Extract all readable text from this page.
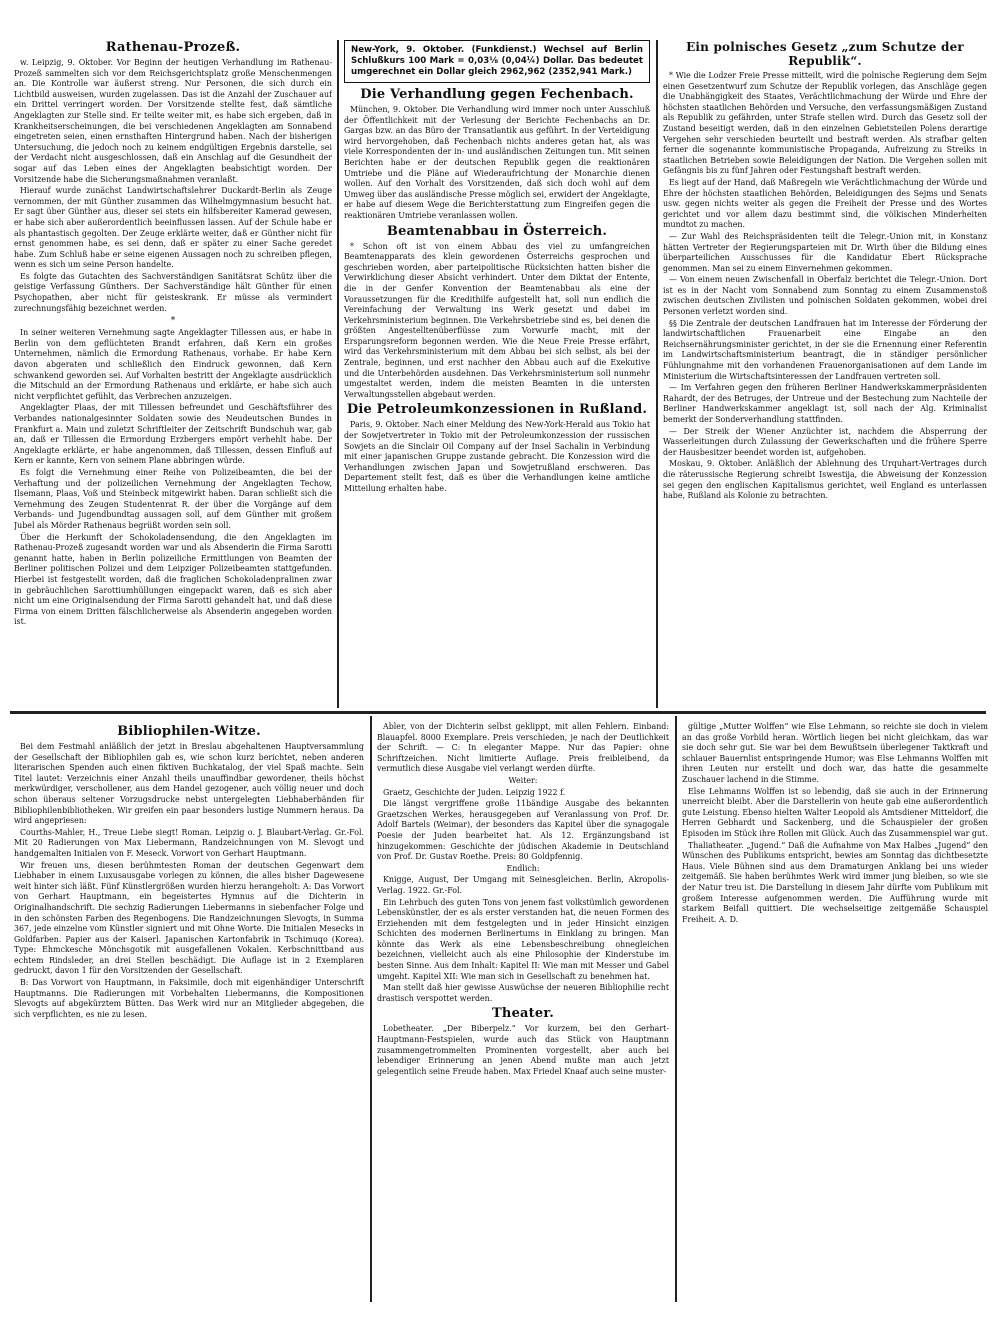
Rathenau-Prozeß.

w. Leipzig, 9. Oktober. Vor Beginn der heutigen Verhandlung im Rathenau-Prozeß sammelten sich vor dem Reichsgerichtsplatz große Menschenmengen an. Die Kontrolle war äußerst streng. Nur Personen, die sich durch ein Lichtbild ausweisen, wurden zugelassen. Das ist die Anzahl der Zuschauer auf ein Drittel verringert worden. Der Vorsitzende stellte fest, daß sämtliche Angeklagten zur Stelle sind. Er teilte weiter mit, es habe sich ergeben, daß in Krankheitserscheinungen, die bei verschiedenen Angeklagten am Sonnabend eingetreten seien, einen ernsthaften Hintergrund haben. Nach der bisherigen Untersuchung, die jedoch noch zu keinem endgültigen Ergebnis darstelle, sei der Verdacht nicht ausgeschlossen, daß ein Anschlag auf die Gesundheit der sogar auf das Leben eines der Angeklagten beabsichtigt worden. Der Vorsitzende habe die Sicherungsmaßnahmen veranlaßt.

Hierauf wurde zunächst Landwirtschaftslehrer Duckardt-Berlin als Zeuge vernommen, der mit Günther zusammen das Wilhelmgymnasium besucht hat. Er sagt über Günther aus, dieser sei stets ein hilfsbereiter Kamerad gewesen, er habe sich aber außerordentlich beeinflussen lassen. Auf der Schule habe er als phantastisch gegolten. Der Zeuge erklärte weiter, daß er Günther nicht für ernst genommen habe, es sei denn, daß er später zu einer Sache geredet habe. Zum Schluß habe er seine eigenen Aussagen noch zu schreiben pflegen, wenn es sich um seine Person handelte.

Es folgte das Gutachten des Sachverständigen Sanitätsrat Schütz über die geistige Verfassung Günthers. Der Sachverständige hält Günther für einen Psychopathen, aber nicht für geisteskrank. Er müsse als vermindert zurechnungsfähig bezeichnet werden.

*

In seiner weiteren Vernehmung sagte Angeklagter Tillessen aus, er habe in Berlin von dem geflüchteten Brandt erfahren, daß Kern ein großes Unternehmen, nämlich die Ermordung Rathenaus, vorhabe. Er habe Kern davon abgeraten und schließlich den Eindruck gewonnen, daß Kern schwankend geworden sei. Auf Vorhalten bestritt der Angeklagte ausdrücklich die Mitschuld an der Ermordung Rathenaus und erklärte, er habe sich auch nicht verpflichtet gefühlt, das Verbrechen anzuzeigen.

Angeklagter Plaas, der mit Tillessen befreundet und Geschäftsführer des Verbandes nationalgesinnter Soldaten sowie des Neudeutschen Bundes in Frankfurt a. Main und zuletzt Schriftleiter der Zeitschrift Bundschuh war, gab an, daß er Tillessen die Ermordung Erzbergers empört verhehlt habe. Der Angeklagte erklärte, er habe angenommen, daß Tillessen, dessen Einfluß auf Kern er kannte, Kern von seinem Plane abbringen würde.

Es folgt die Vernehmung einer Reihe von Polizeibeamten, die bei der Verhaftung und der polizeilichen Vernehmung der Angeklagten Techow, Ilsemann, Plaas, Voß und Steinbeck mitgewirkt haben. Daran schließt sich die Vernehmung des Zeugen Studentenrat R. der über die Vorgänge auf dem Verbands- und Jugendbundtag aussagen soll, auf dem Günther mit großem Jubel als Mörder Rathenaus begrüßt worden sein soll.

Über die Herkunft der Schokoladensendung, die den Angeklagten im Rathenau-Prozeß zugesandt worden war und als Absenderin die Firma Sarotti genannt hatte, haben in Berlin polizeiliche Ermittlungen von Beamten der Berliner politischen Polizei und dem Leipziger Polizeibeamten stattgefunden. Hierbei ist festgestellt worden, daß die fraglichen Schokoladenpralinen zwar in gebräuchlichen Sarottiumhüllungen eingepackt waren, daß es sich aber nicht um eine Originalsendung der Firma Sarotti gehandelt hat, und daß diese Firma von einem Dritten fälschlicherweise als Absenderin angegeben worden ist.

New-York, 9. Oktober. (Funkdienst.) Wechsel auf Berlin Schlußkurs 100 Mark = 0,03⅛ (0,04¼) Dollar. Das bedeutet umgerechnet ein Dollar gleich 2962,962 (2352,941 Mark.)
Die Verhandlung gegen Fechenbach.

München, 9. Oktober. Die Verhandlung wird immer noch unter Ausschluß der Öffentlichkeit mit der Verlesung der Berichte Fechenbachs an Dr. Gargas bzw. an das Büro der Transatlantik aus geführt. In der Verteidigung wird hervorgehoben, daß Fechenbach nichts anderes getan hat, als was viele Korrespondenten der in- und ausländischen Zeitungen tun. Mit seinen Berichten habe er der deutschen Republik gegen die reaktionären Umtriebe und die Pläne auf Wiederaufrichtung der Monarchie dienen wollen. Auf den Vorhalt des Vorsitzenden, daß sich doch wohl auf dem Umweg über das ausländische Presse möglich sei, erwidert der Angeklagte, er habe auf diesem Wege die Berichterstattung zum Eingreifen gegen die reaktionären Umtriebe veranlassen wollen.

Beamtenabbau in Österreich.

* Schon oft ist von einem Abbau des viel zu umfangreichen Beamtenapparats des klein gewordenen Österreichs gesprochen und geschrieben worden, aber parteipolitische Rücksichten hatten bisher die Verwirklichung dieser Absicht verhindert. Unter dem Diktat der Entente, die in der Genfer Konvention der Beamtenabbau als eine der Voraussetzungen für die Kredithilfe aufgestellt hat, soll nun endlich die Vereinfachung der Verwaltung ins Werk gesetzt und dabei im Verkehrsministerium beginnen. Die Verkehrsbetriebe sind es, bei denen die größten Angestelltenüberflüsse zum Vorwurfe macht, mit der Ersparungsreform begonnen werden. Wie die Neue Freie Presse erfährt, wird das Verkehrsministerium mit dem Abbau bei sich selbst, als bei der Zentrale, beginnen, und erst nachher den Abbau auch auf die Exekutive und die Unterbehörden ausdehnen. Das Verkehrsministerium soll nunmehr umgestaltet werden, indem die meisten Beamten in die untersten Verwaltungsstellen abgebaut werden.

Die Petroleumkonzessionen in Rußland.

Paris, 9. Oktober. Nach einer Meldung des New-York-Herald aus Tokio hat der Sowjetvertreter in Tokio mit der Petroleumkonzession der russischen Sowjets an die Sinclair Oil Company auf der Insel Sachalin in Verbindung mit einer japanischen Gruppe zustande gebracht. Die Konzession wird die Verhandlungen zwischen Japan und Sowjetrußland erschweren. Das Departement stellt fest, daß es über die Verhandlungen keine amtliche Mitteilung erhalten habe.

Ein polnisches Gesetz „zum Schutze der Republik“.

* Wie die Lodzer Freie Presse mitteilt, wird die polnische Regierung dem Sejm einen Gesetzentwurf zum Schutze der Republik vorlegen, das Anschläge gegen die Unabhängigkeit des Staates, Verächtlichmachung der Würde und Ehre der höchsten staatlichen Behörden und Versuche, den verfassungsmäßigen Zustand als Republik zu gefährden, unter Strafe stellen wird. Durch das Gesetz soll der Zustand beseitigt werden, daß in den einzelnen Gebietsteilen Polens derartige Vergehen sehr verschieden beurteilt und bestraft werden. Als strafbar gelten ferner die sogenannte kommunistische Propaganda, Aufreizung zu Streiks in staatlichen Betrieben sowie Beleidigungen der Nation. Die Vergehen sollen mit Gefängnis bis zu fünf Jahren oder Festungshaft bestraft werden.

Es liegt auf der Hand, daß Maßregeln wie Verächtlichmachung der Würde und Ehre der höchsten staatlichen Behörden, Beleidigungen des Sejms und Senats usw. gegen nichts weiter als gegen die Freiheit der Presse und des Wortes gerichtet und vor allem dazu bestimmt sind, die völkischen Minderheiten mundtot zu machen.

— Zur Wahl des Reichspräsidenten teilt die Telegr.-Union mit, in Konstanz hätten Vertreter der Regierungsparteien mit Dr. Wirth über die Bildung eines überparteilichen Ausschusses für die Kandidatur Ebert Rücksprache genommen. Man sei zu einem Einvernehmen gekommen.

— Von einem neuen Zwischenfall in Oberfalz berichtet die Telegr.-Union. Dort ist es in der Nacht vom Sonnabend zum Sonntag zu einem Zusammenstoß zwischen deutschen Zivilisten und polnischen Soldaten gekommen, wobei drei Personen verletzt worden sind.

§§ Die Zentrale der deutschen Landfrauen hat im Interesse der Förderung der landwirtschaftlichen Frauenarbeit eine Eingabe an den Reichsernährungsminister gerichtet, in der sie die Ernennung einer Referentin im Landwirtschaftsministerium beantragt, die in ständiger persönlicher Fühlungnahme mit den vorhandenen Frauenorganisationen auf dem Lande im Ministerium die Wirtschaftsinteressen der Landfrauen vertreten soll.

— Im Verfahren gegen den früheren Berliner Handwerkskammerpräsidenten Rahardt, der des Betruges, der Untreue und der Bestechung zum Nachteile der Berliner Handwerkskammer angeklagt ist, soll nach der Alg. Kriminalist bemerkt der Sonderverhandlung stattfinden.

— Der Streik der Wiener Anzüchter ist, nachdem die Absperrung der Wasserleitungen durch Zulassung der Gewerkschaften und die frühere Sperre der Hausbesitzer beendet worden ist, aufgehoben.

Moskau, 9. Oktober. Anläßlich der Ablehnung des Urquhart-Vertrages durch die räterussische Regierung schreibt Iswestija, die Abweisung der Konzession sei gegen den englischen Kapitalismus gerichtet, weil England es unterlassen habe, Rußland als Kolonie zu betrachten.

Bibliophilen-Witze.

Bei dem Festmahl anläßlich der jetzt in Breslau abgehaltenen Hauptversammlung der Gesellschaft der Bibliophilen gab es, wie schon kurz berichtet, neben anderen literarischen Spenden auch einen fiktiven Buchkatalog, der viel Spaß machte. Sein Titel lautet: Verzeichnis einer Anzahl theils unauffindbar gewordener, theils höchst merkwürdiger, verschollener, aus dem Handel gezogener, auch völlig neuer und doch schon überaus seltener Vorzugsdrucke nebst untergelegten Liebhaberbänden für Bibliophilenbibliotheken. Wir greifen ein paar besonders lustige Nummern heraus. Da wird angepriesen:

Courths-Mahler, H., Treue Liebe siegt! Roman. Leipzig o. J. Blaubart-Verlag. Gr.-Fol. Mit 20 Radierungen von Max Liebermann, Randzeichnungen von M. Slevogt und handgemalten Initialen von F. Meseck. Vorwort von Gerhart Hauptmann.

Wir freuen uns, diesen berühmtesten Roman der deutschen Gegenwart dem Liebhaber in einem Luxusausgabe vorlegen zu können, die alles bisher Dagewesene weit hinter sich läßt. Fünf Künstlergrößen wurden hierzu herangeholt: A: Das Vorwort von Gerhart Hauptmann, ein begeistertes Hymnus auf die Dichterin in Originalhandschrift. Die sechzig Radierungen Liebermanns in siebenfacher Folge und in den schönsten Farben des Regenbogens. Die Randzeichnungen Slevogts, in Summa 367, jede einzelne vom Künstler signiert und mit Ohne Worte. Die Initialen Mesecks in Goldfarben. Papier aus der Kaiserl. Japanischen Kartonfabrik in Tschimuqo (Korea). Type: Ehmckesche Mönchsgotik mit ausgefallenen Vokalen. Kerbschnittband aus echtem Rindsleder, an drei Stellen beschädigt. Die Auflage ist in 2 Exemplaren gedruckt, davon 1 für den Vorsitzenden der Gesellschaft.

B: Das Vorwort von Hauptmann, in Faksimile, doch mit eigenhändiger Unterschrift Hauptmanns. Die Radierungen mit Vorbehalten Liebermanns, die Kompositionen Slevogts auf abgekürztem Bütten. Das Werk wird nur an Mitglieder abgegeben, die sich verpflichten, es nie zu lesen.

Abler, von der Dichterin selbst geklippt, mit allen Fehlern. Einband: Blauapfel. 8000 Exemplare. Preis verschieden, je nach der Deutlichkeit der Schrift. — C: In eleganter Mappe. Nur das Papier: ohne Schriftzeichen. Nicht limitierte Auflage. Preis freibleibend, da vermutlich diese Ausgabe viel verlangt werden dürfte.

Weiter:

Graetz, Geschichte der Juden. Leipzig 1922 f.

Die längst vergriffene große 11bändige Ausgabe des bekannten Graetzschen Werkes, herausgegeben auf Veranlassung von Prof. Dr. Adolf Bartels (Weimar), der besonders das Kapitel über die synagogale Poesie der Juden bearbeitet hat. Als 12. Ergänzungsband ist hinzugekommen: Geschichte der jüdischen Akademie in Deutschland von Prof. Dr. Gustav Roethe. Preis: 80 Goldpfennig.

Endlich:

Knigge, August, Der Umgang mit Seinesgleichen. Berlin, Akropolis-Verlag. 1922. Gr.-Fol.

Ein Lehrbuch des guten Tons von jenem fast volkstümlich gewordenen Lebenskünstler, der es als erster verstanden hat, die neuen Formen des Erziehenden mit dem festgelegten und in jeder Hinsicht einzigen Schichten des modernen Berlinertums in Einklang zu bringen. Man könnte das Werk als eine Lebensbeschreibung ohnegleichen bezeichnen, vielleicht auch als eine Philosophie der Kinderstube im besten Sinne. Aus dem Inhalt: Kapitel II: Wie man mit Messer und Gabel umgeht. Kapitel XII: Wie man sich in Gesellschaft zu benehmen hat.

Man stellt daß hier gewisse Auswüchse der neueren Bibliophilie recht drastisch verspottet werden.

Theater.

Lobetheater. „Der Biberpelz.“ Vor kurzem, bei den Gerhart-Hauptmann-Festspielen, wurde auch das Stück von Hauptmann zusammengetrommelten Prominenten vorgestellt, aber auch bei lebendiger Erinnerung an jenen Abend mußte man auch jetzt gelegentlich seine Freude haben. Max Friedel Knaaf auch seine muster-

gültige „Mutter Wolffen“ wie Else Lehmann, so reichte sie doch in vielem an das große Vorbild heran. Wörtlich liegen bei nicht gleichkam, das war sie doch sehr gut. Sie war bei dem Bewußtsein überlegener Taktkraft und schlauer Bauernlist entspringende Humor; was Else Lehmanns Wolffen mit ihren Leuten nur erstellt und doch war, das hatte die gesammelte Zuschauer lachend in die Stimme.

Else Lehmanns Wolffen ist so lebendig, daß sie auch in der Erinnerung unerreicht bleibt. Aber die Darstellerin von heute gab eine außerordentlich gute Leistung. Ebenso hielten Walter Leopold als Amtsdiener Mitteldorf, die Herren Gebhardt und Sackenberg, und die Schauspieler der großen Episoden im Stück ihre Rollen mit Glück. Auch das Zusammenspiel war gut.

Thaliatheater. „Jugend.“ Daß die Aufnahme von Max Halbes „Jugend“ den Wünschen des Publikums entspricht, bewies am Sonntag das dichtbesetzte Haus. Viele Bühnen sind aus dem Dramaturgen Anklang bei uns wieder zeitgemäß. Sie haben berühmtes Werk wird immer jung bleiben, so wie sie der Natur treu ist. Die Darstellung in diesem Jahr dürfte vom Publikum mit großem Interesse aufgenommen werden. Die Aufführung wurde mit starkem Beifall quittiert. Die wechselseitige zeitgemäße Schauspiel Freiheit. A. D.
